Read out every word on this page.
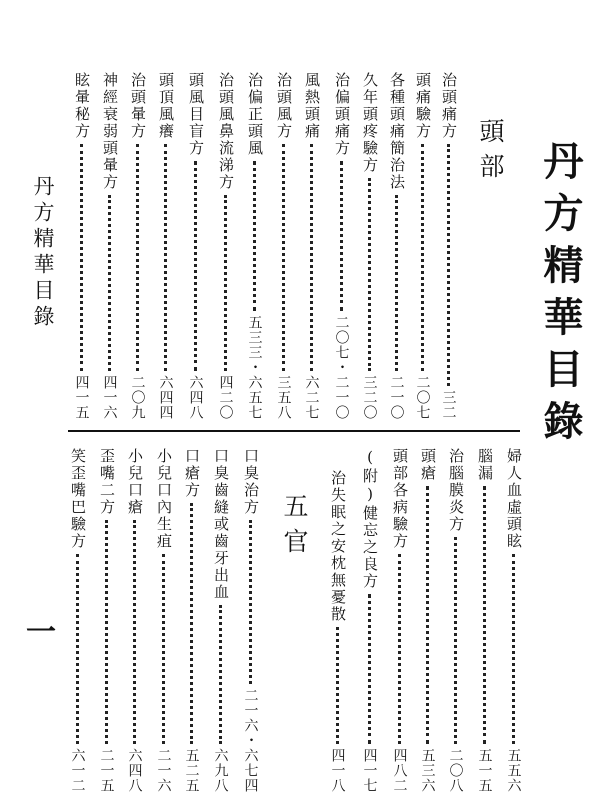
丹方精華目錄
丹方精華目錄
一
頭部
五官
治頭痛方
三二
頭痛驗方
二〇七
各種頭痛簡治法
二一〇
久年頭疼驗方
三二〇
治偏頭痛方
二〇七・二一〇
風熱頭痛
六二七
治頭風方
三五八
治偏正頭風
五三三・六五七
治頭風鼻流涕方
四二〇
頭風目盲方
六四八
頭頂風癢
六四四
治頭暈方
二〇九
神經衰弱頭暈方
四一六
眩暈秘方
四一五
婦人血虛頭眩
五五六
腦漏
五一五
治腦膜炎方
二〇八
頭瘡
五三六
頭部各病驗方
四八二
(附)健忘之良方
四一七
治失眠之安枕無憂散
四一八
口臭治方
二一六・六七四
口臭齒縫或齒牙出血
六九八
口瘡方
五二五
小兒口內生疽
二一六
小兒口瘡
六四八
歪嘴二方
二一五
笑歪嘴巴驗方
六一二
